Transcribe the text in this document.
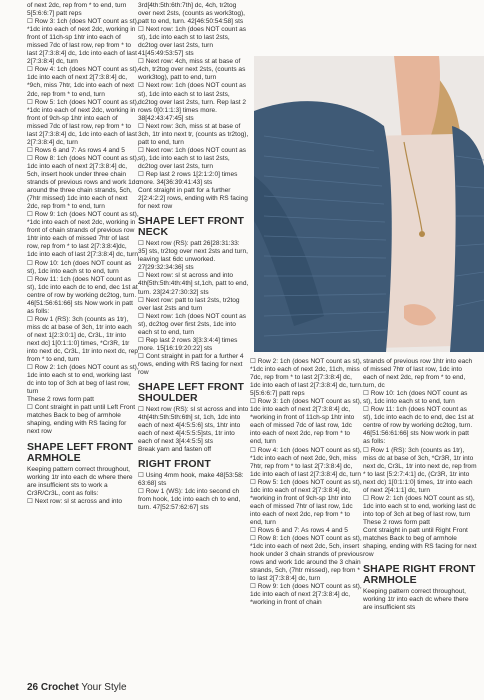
of next 2dc, rep from * to end, turn 5[5:6:6:7] patt reps

☐ Row 3: 1ch (does NOT count as st), *1dc into each of next 2dc, working in front of 11ch-sp 1htr into each of missed 7dc of last row, rep from * to last 2[7:3:8:4] dc, 1dc into each of last 2[7:3:8:4] dc, turn

☐ Row 4: 1ch (does NOT count as st), 1dc into each of next 2[7:3:8:4] dc, *9ch, miss 7htr, 1dc into each of next 2dc, rep from * to end, turn

☐ Row 5: 1ch (does NOT count as st), *1dc into each of next 2dc, working in front of 9ch-sp 1htr into each of missed 7dc of last row, rep from * to last 2[7:3:8:4] dc, 1dc into each of last 2[7:3:8:4] dc, turn

☐ Rows 6 and 7: As rows 4 and 5

☐ Row 8: 1ch (does NOT count as st), 1dc into each of next 2[7:3:8:4] dc, 5ch, insert hook under three chain strands of previous rows and work 1dc around the three chain strands, 5ch, (7htr missed) 1dc into each of next 2dc, rep from * to end, turn

☐ Row 9: 1ch (does NOT count as st), *1dc into each of next 2dc, working in front of chain strands of previous row 1htr into each of missed 7htr of last row, rep from * to last 2[7:3:8:4]dc, 1dc into each of last 2[7:3:8:4] dc, turn

☐ Row 10: 1ch (does NOT count as st), 1dc into each st to end, turn

☐ Row 11: 1ch (does NOT count as st), 1dc into each dc to end, dec 1st at centre of row by working dc2tog, turn. 46[51:56:61:66] sts Now work in patt as folls:

☐ Row 1 (RS): 3ch (counts as 1tr), miss dc at base of 3ch, 1tr into each of next 1[2:3:0:1] dc, Cr3L, 1tr into next dc] 1[0:1:1:0] times, *Cr3R, 1tr into next dc, Cr3L, 1tr into next dc, rep from * to end, turn

☐ Row 2: 1ch (does NOT count as st), 1dc into each st to end, working last dc into top of 3ch at beg of last row, turn

These 2 rows form patt

☐ Cont straight in patt until Left Front matches Back to beg of armhole shaping, ending with RS facing for next row

SHAPE LEFT FRONT ARMHOLE

Keeping pattern correct throughout, working 1tr into each dc where there are insufficient sts to work a Cr3R/Cr3L, cont as folls:

☐ Next row: sl st across and into

3rd[4th:5th:6th:7th] dc, 4ch, tr2tog over next 2sts, (counts as work3tog), patt to end, turn. 42[46:50:54:58] sts

☐ Next row: 1ch (does NOT count as st), 1dc into each st to last 2sts, dc2tog over last 2sts, turn 41[45:49:53:57] sts

☐ Next row: 4ch, miss st at base of 4ch, tr2tog over next 2sts, (counts as work3tog), patt to end, turn

☐ Next row: 1ch (does NOT count as st), 1dc into each st to last 2sts, dc2tog over last 2sts, turn. Rep last 2 rows 0[0:1:1:3] times more. 38[42:43:47:45] sts

☐ Next row: 3ch, miss st at base of 3ch, 1tr into next tr, (counts as tr2tog), patt to end, turn

☐ Next row: 1ch (does NOT count as st), 1dc into each st to last 2sts, dc2tog over last 2sts, turn

☐ Rep last 2 rows 1[2:1:2:0] times more. 34[36:39:41:43] sts

Cont straight in patt for a further 2[2:4:2:2] rows, ending with RS facing for next row

SHAPE LEFT FRONT NECK

☐ Next row (RS): patt 26[28:31:33: 35] sts, tr2tog over next 2sts and turn, leaving last 6dc unworked. 27[29:32:34:36] sts

☐ Next row: sl st across and into 4th[5th:5th:4th:4th] st,1ch, patt to end, turn. 23[24:27:30:32] sts

☐ Next row: patt to last 2sts, tr2tog over last 2sts and turn

☐ Next row: 1ch (does NOT count as st), dc2tog over first 2sts, 1dc into each st to end, turn

☐ Rep last 2 rows 3[3:3:4:4] times more. 15[16:19:20:22] sts

☐ Cont straight in patt for a further 4 rows, ending with RS facing for next row

SHAPE LEFT FRONT SHOULDER

☐ Next row (RS): sl st across and into 4th[4th:5th:5th:6th] st, 1ch, 1dc into each of next 4[4:5:5:6] sts, 1htr into each of next 4[4:5:5:5]sts, 1tr into each of next 3[4:4:5:5] sts

Break yarn and fasten off

RIGHT FRONT

☐ Using 4mm hook, make 48[53:58: 63:68] sts

☐ Row 1 (WS): 1dc into second ch from hook, 1dc into each ch to end, turn. 47[52:57:62:67] sts

☐ Row 2: 1ch (does NOT count as st), *1dc into each of next 2dc, 11ch, miss 7dc, rep from * to last 2[7:3:8:4] dc, 1dc into each of last 2[7:3:8:4] dc, turn. 5[5:6:6:7] patt reps

☐ Row 3: 1ch (does NOT count as st), 1dc into each of next 2[7:3:8:4] dc, *working in front of 11ch-sp 1htr into each of missed 7dc of last row, 1dc into each of next 2dc, rep from * to end, turn

☐ Row 4: 1ch (does NOT count as st), *1dc into each of next 2dc, 9ch, miss 7htr, rep from * to last 2[7:3:8:4] dc, 1dc into each of last 2[7:3:8:4] dc, turn

☐ Row 5: 1ch (does NOT count as st), 1dc into each of next 2[7:3:8:4] dc, *working in front of 9ch-sp 1htr into each of missed 7htr of last row, 1dc into each of next 2dc, rep from * to end, turn

☐ Rows 6 and 7: As rows 4 and 5

☐ Row 8: 1ch (does NOT count as st), *1dc into each of next 2dc, 5ch, insert hook under 3 chain strands of previous rows and work 1dc around the 3 chain strands, 5ch, (7htr missed), rep from * to last 2[7:3:8:4] dc, turn

☐ Row 9: 1ch (does NOT count as st), 1dc into each of next 2[7:3:8:4] dc, *working in front of chain

strands of previous row 1htr into each of missed 7htr of last row, 1dc into each of next 2dc, rep from * to end, turn, dc

☐ Row 10: 1ch (does NOT count as st), 1dc into each st to end, turn

☐ Row 11: 1ch (does NOT count as st), 1dc into each dc to end, dec 1st at centre of row by working dc2tog, turn. 46[51:56:61:66] sts Now work in patt as folls:

☐ Row 1 (RS): 3ch (counts as 1tr), miss dc at base of 3ch, *Cr3R, 1tr into next dc, Cr3L, 1tr into next dc, rep from * to last [5:2:7:4:1] dc, (Cr3R, 1tr into next dc) 1[0:1:1:0] times, 1tr into each of next 2[4:1:1] dc, turn

☐ Row 2: 1ch (does NOT count as st), 1dc into each st to end, working last dc into top of 3ch at beg of last row, turn

These 2 rows form patt

Cont straight in patt until Right Front matches Back to beg of armhole shaping, ending with RS facing for next row

SHAPE RIGHT FRONT ARMHOLE

Keeping pattern correct throughout, working 1tr into each dc where there are insufficient sts

26 Crochet Your Style
